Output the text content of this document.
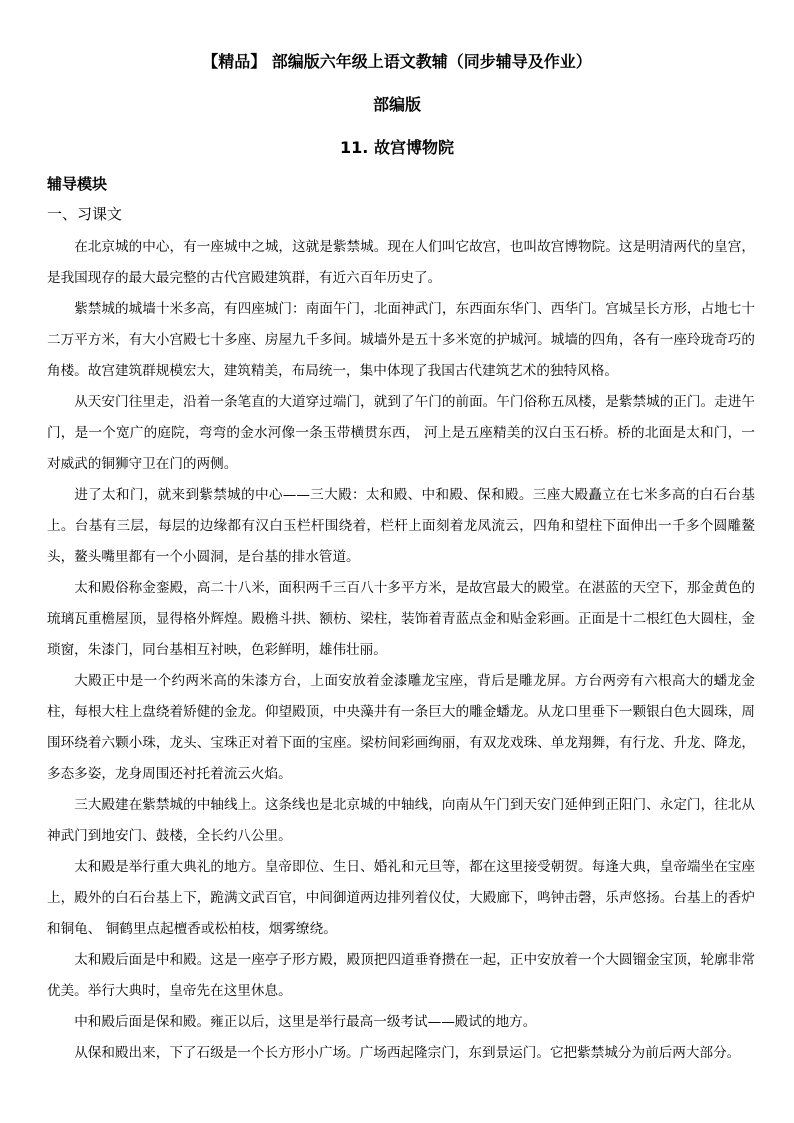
【精品】 部编版六年级上语文教辅（同步辅导及作业）
部编版
11. 故宫博物院
辅导模块
一、习课文

在北京城的中心，有一座城中之城，这就是紫禁城。现在人们叫它故宫，也叫故宫博物院。这是明清两代的皇宫，是我国现存的最大最完整的古代宫殿建筑群，有近六百年历史了。

紫禁城的城墙十米多高，有四座城门：南面午门，北面神武门，东西面东华门、西华门。宫城呈长方形，占地七十二万平方米，有大小宫殿七十多座、房屋九千多间。城墙外是五十多米宽的护城河。城墙的四角，各有一座玲珑奇巧的角楼。故宫建筑群规模宏大，建筑精美，布局统一，集中体现了我国古代建筑艺术的独特风格。

从天安门往里走，沿着一条笔直的大道穿过端门，就到了午门的前面。午门俗称五凤楼，是紫禁城的正门。走进午门，是一个宽广的庭院，弯弯的金水河像一条玉带横贯东西， 河上是五座精美的汉白玉石桥。桥的北面是太和门，一对威武的铜狮守卫在门的两侧。

进了太和门，就来到紫禁城的中心——三大殿：太和殿、中和殿、保和殿。三座大殿矗立在七米多高的白石台基上。台基有三层，每层的边缘都有汉白玉栏杆围绕着，栏杆上面刻着龙凤流云，四角和望柱下面伸出一千多个圆雕鳌头，鳌头嘴里都有一个小圆洞，是台基的排水管道。

太和殿俗称金銮殿，高二十八米，面积两千三百八十多平方米，是故宫最大的殿堂。在湛蓝的天空下，那金黄色的琉璃瓦重檐屋顶，显得格外辉煌。殿檐斗拱、额枋、梁柱，装饰着青蓝点金和贴金彩画。正面是十二根红色大圆柱，金琐窗，朱漆门，同台基相互衬映，色彩鲜明，雄伟壮丽。

大殿正中是一个约两米高的朱漆方台，上面安放着金漆雕龙宝座，背后是雕龙屏。方台两旁有六根高大的蟠龙金柱，每根大柱上盘绕着矫健的金龙。仰望殿顶，中央藻井有一条巨大的雕金蟠龙。从龙口里垂下一颗银白色大圆珠，周围环绕着六颗小珠，龙头、宝珠正对着下面的宝座。梁枋间彩画绚丽，有双龙戏珠、单龙翔舞，有行龙、升龙、降龙，多态多姿，龙身周围还衬托着流云火焰。

三大殿建在紫禁城的中轴线上。这条线也是北京城的中轴线，向南从午门到天安门延伸到正阳门、永定门，往北从神武门到地安门、鼓楼，全长约八公里。

太和殿是举行重大典礼的地方。皇帝即位、生日、婚礼和元旦等，都在这里接受朝贺。每逢大典，皇帝端坐在宝座上，殿外的白石台基上下，跪满文武百官，中间御道两边排列着仪仗，大殿廊下，鸣钟击磬，乐声悠扬。台基上的香炉和铜龟、 铜鹤里点起檀香或松柏枝，烟雾缭绕。

太和殿后面是中和殿。这是一座亭子形方殿，殿顶把四道垂脊攒在一起，正中安放着一个大圆镏金宝顶，轮廓非常优美。举行大典时，皇帝先在这里休息。

中和殿后面是保和殿。雍正以后，这里是举行最高一级考试——殿试的地方。

从保和殿出来，下了石级是一个长方形小广场。广场西起隆宗门，东到景运门。它把紫禁城分为前后两大部分。
